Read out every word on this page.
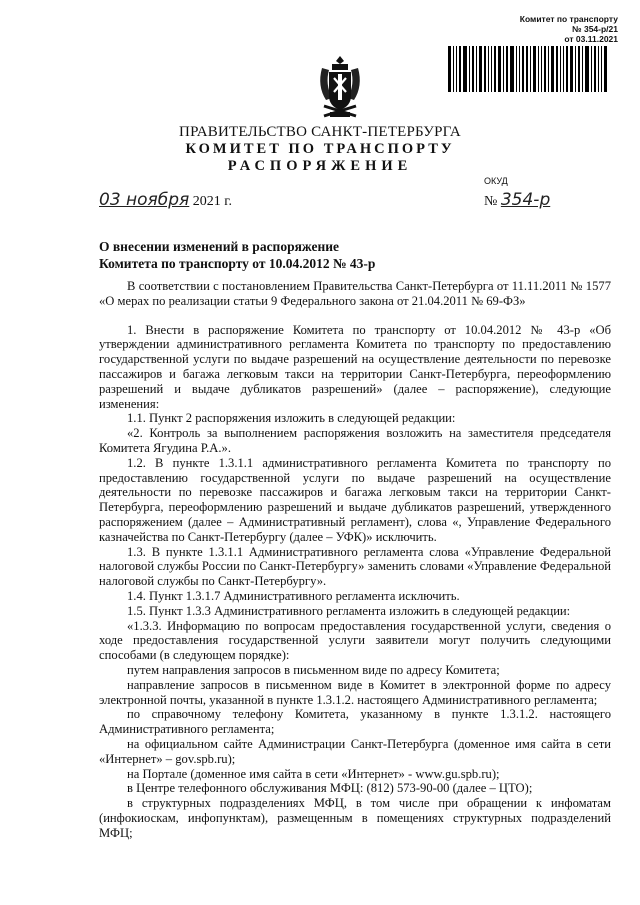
Комитет по транспорту
№ 354-р/21
от 03.11.2021
ПРАВИТЕЛЬСТВО САНКТ-ПЕТЕРБУРГА
КОМИТЕТ ПО ТРАНСПОРТУ
РАСПОРЯЖЕНИЕ
ОКУД
03 ноября 2021 г.	№ 354-р
О внесении изменений в распоряжение
Комитета по транспорту от 10.04.2012 № 43-р

В соответствии с постановлением Правительства Санкт-Петербурга от 11.11.2011 № 1577 «О мерах по реализации статьи 9 Федерального закона от 21.04.2011 № 69-ФЗ»

1. Внести в распоряжение Комитета по транспорту от 10.04.2012 № 43-р «Об утверждении административного регламента Комитета по транспорту по предоставлению государственной услуги по выдаче разрешений на осуществление деятельности по перевозке пассажиров и багажа легковым такси на территории Санкт-Петербурга, переоформлению разрешений и выдаче дубликатов разрешений» (далее – распоряжение), следующие изменения:

1.1. Пункт 2 распоряжения изложить в следующей редакции:

«2. Контроль за выполнением распоряжения возложить на заместителя председателя Комитета Ягудина Р.А.».

1.2. В пункте 1.3.1.1 административного регламента Комитета по транспорту по предоставлению государственной услуги по выдаче разрешений на осуществление деятельности по перевозке пассажиров и багажа легковым такси на территории Санкт-Петербурга, переоформлению разрешений и выдаче дубликатов разрешений, утвержденного распоряжением (далее – Административный регламент), слова «, Управление Федерального казначейства по Санкт-Петербургу (далее – УФК)» исключить.

1.3. В пункте 1.3.1.1 Административного регламента слова «Управление Федеральной налоговой службы России по Санкт-Петербургу» заменить словами «Управление Федеральной налоговой службы по Санкт-Петербургу».

1.4. Пункт 1.3.1.7 Административного регламента исключить.

1.5. Пункт 1.3.3 Административного регламента изложить в следующей редакции:

«1.3.3. Информацию по вопросам предоставления государственной услуги, сведения о ходе предоставления государственной услуги заявители могут получить следующими способами (в следующем порядке):

путем направления запросов в письменном виде по адресу Комитета;

направление запросов в письменном виде в Комитет в электронной форме по адресу электронной почты, указанной в пункте 1.3.1.2. настоящего Административного регламента;

по справочному телефону Комитета, указанному в пункте 1.3.1.2. настоящего Административного регламента;

на официальном сайте Администрации Санкт-Петербурга (доменное имя сайта в сети «Интернет» – gov.spb.ru);

на Портале (доменное имя сайта в сети «Интернет» - www.gu.spb.ru);

в Центре телефонного обслуживания МФЦ: (812) 573-90-00 (далее – ЦТО);

в структурных подразделениях МФЦ, в том числе при обращении к инфоматам (инфокиоскам, инфопунктам), размещенным в помещениях структурных подразделений МФЦ;
